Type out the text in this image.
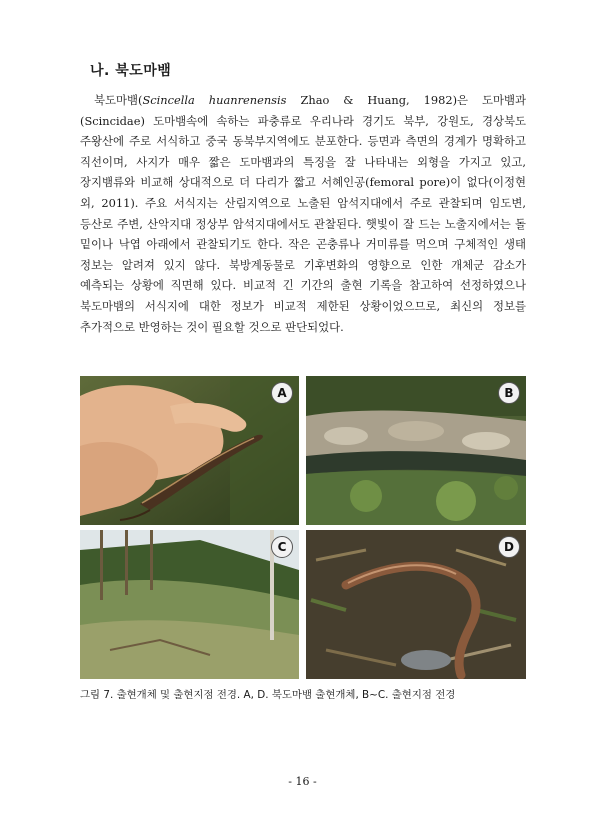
나. 북도마뱀

북도마뱀(Scincella huanrenensis Zhao & Huang, 1982)은 도마뱀과(Scincidae) 도마뱀속에 속하는 파충류로 우리나라 경기도 북부, 강원도, 경상북도 주왕산에 주로 서식하고 중국 동북부지역에도 분포한다. 등면과 측면의 경계가 명확하고 직선이며, 사지가 매우 짧은 도마뱀과의 특징을 잘 나타내는 외형을 가지고 있고, 장지뱀류와 비교해 상대적으로 더 다리가 짧고 서혜인공(femoral pore)이 없다(이정현 외, 2011). 주요 서식지는 산림지역으로 노출된 암석지대에서 주로 관찰되며 임도변, 등산로 주변, 산악지대 정상부 암석지대에서도 관찰된다. 햇빛이 잘 드는 노출지에서는 돌 밑이나 낙엽 아래에서 관찰되기도 한다. 작은 곤충류나 거미류를 먹으며 구체적인 생태 정보는 알려져 있지 않다. 북방계동물로 기후변화의 영향으로 인한 개체군 감소가 예측되는 상황에 직면해 있다. 비교적 긴 기간의 출현 기록을 참고하여 선정하였으나 북도마뱀의 서식지에 대한 정보가 비교적 제한된 상황이었으므로, 최신의 정보를 추가적으로 반영하는 것이 필요할 것으로 판단되었다.

A	B
C	D
그림 7. 출현개체 및 출현지점 전경. A, D. 북도마뱀 출현개체, B~C. 출현지점 전경
- 16 -
